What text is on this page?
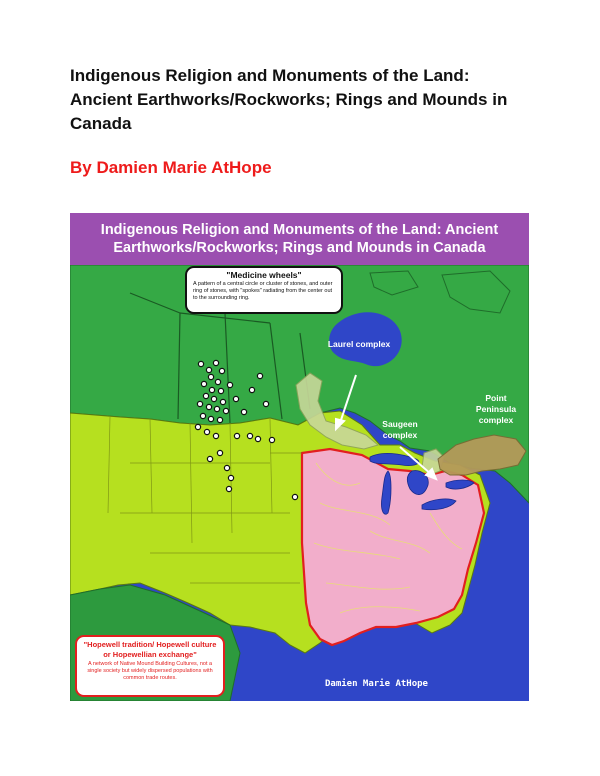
Indigenous Religion and Monuments of the Land:
Ancient Earthworks/Rockworks; Rings and Mounds in
Canada
By Damien Marie AtHope
Indigenous Religion and Monuments of the Land: Ancient
Earthworks/Rockworks; Rings and Mounds in Canada
"Medicine wheels"
A pattern of a central circle or cluster of stones, and outer ring of stones, with "spokes" radiating from the center out to the surrounding ring.
Laurel complex
Saugeen complex
Point Peninsula complex
"Hopewell tradition/ Hopewell culture or Hopewellian exchange"
A network of Native Mound Building Cultures, not a single society but widely dispersed populations with common trade routes.
Damien Marie AtHope
